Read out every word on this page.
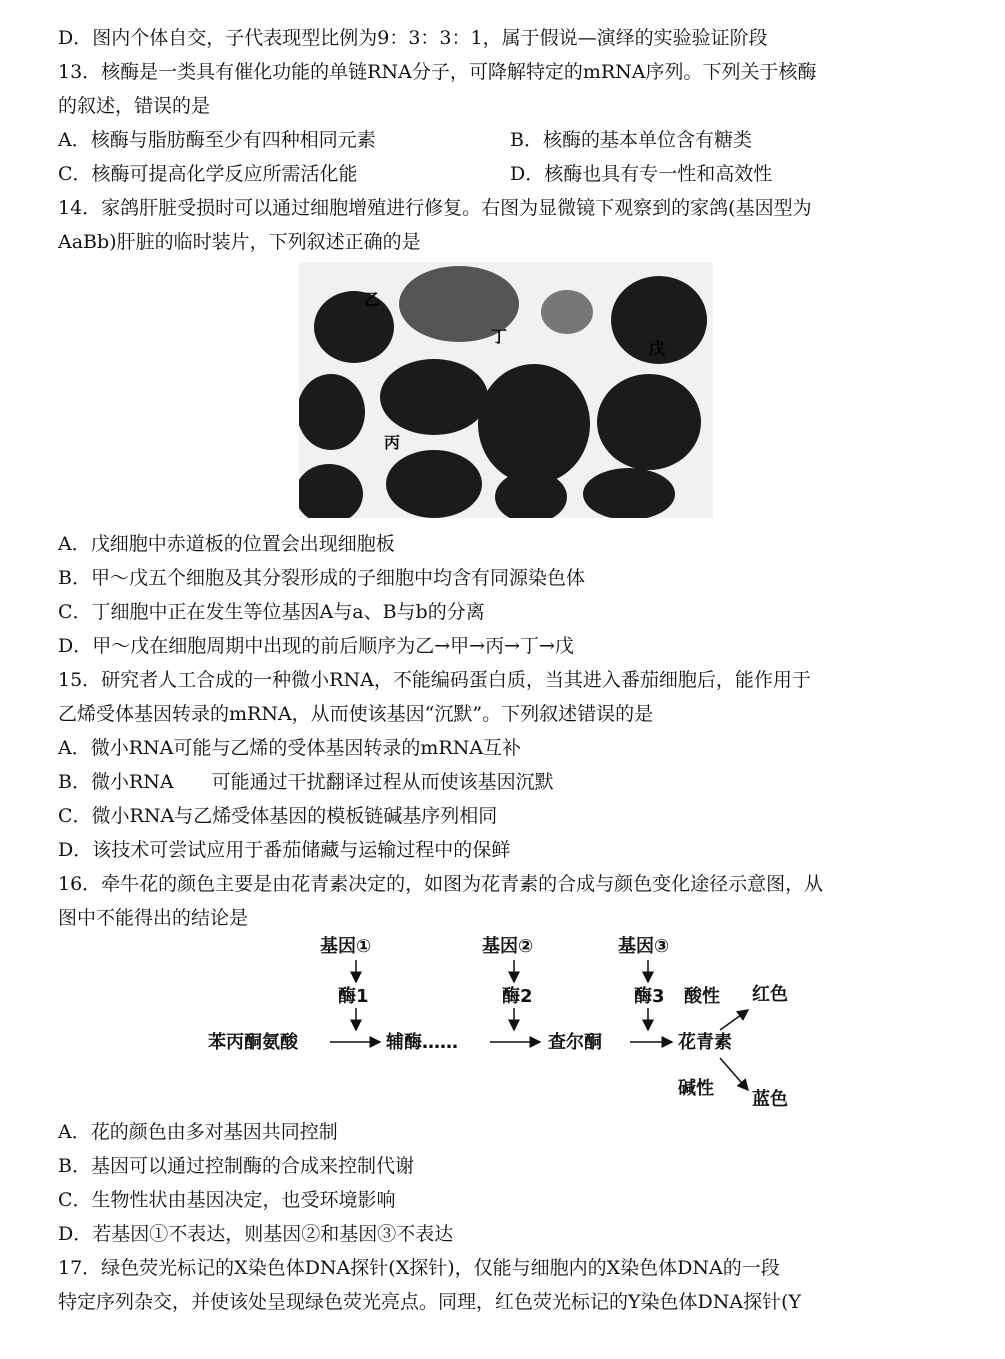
D．图内个体自交，子代表现型比例为9：3：3：1，属于假说—演绎的实验验证阶段
13．核酶是一类具有催化功能的单链RNA分子，可降解特定的mRNA序列。下列关于核酶
的叙述，错误的是
A．核酶与脂肪酶至少有四种相同元素	B．核酶的基本单位含有糖类
C．核酶可提高化学反应所需活化能	D．核酶也具有专一性和高效性
14．家鸽肝脏受损时可以通过细胞增殖进行修复。右图为显微镜下观察到的家鸽(基因型为
AaBb)肝脏的临时装片，下列叙述正确的是
乙
丁
戊
丙
A．戊细胞中赤道板的位置会出现细胞板
B．甲～戊五个细胞及其分裂形成的子细胞中均含有同源染色体
C．丁细胞中正在发生等位基因A与a、B与b的分离
D．甲～戊在细胞周期中出现的前后顺序为乙→甲→丙→丁→戊
15．研究者人工合成的一种微小RNA，不能编码蛋白质，当其进入番茄细胞后，能作用于
乙烯受体基因转录的mRNA，从而使该基因“沉默”。下列叙述错误的是
A．微小RNA可能与乙烯的受体基因转录的mRNA互补
B．微小RNA　　可能通过干扰翻译过程从而使该基因沉默
C．微小RNA与乙烯受体基因的模板链碱基序列相同
D．该技术可尝试应用于番茄储藏与运输过程中的保鲜
16．牵牛花的颜色主要是由花青素决定的，如图为花青素的合成与颜色变化途径示意图，从
图中不能得出的结论是
基因①	基因②	基因③
酶1	酶2	酶3
苯丙酮氨酸	辅酶……	查尔酮	花青素
酸性 红色
碱性
蓝色
A．花的颜色由多对基因共同控制
B．基因可以通过控制酶的合成来控制代谢
C．生物性状由基因决定，也受环境影响
D．若基因①不表达，则基因②和基因③不表达
17．绿色荧光标记的X染色体DNA探针(X探针)，仅能与细胞内的X染色体DNA的一段
特定序列杂交，并使该处呈现绿色荧光亮点。同理，红色荧光标记的Y染色体DNA探针(Y
